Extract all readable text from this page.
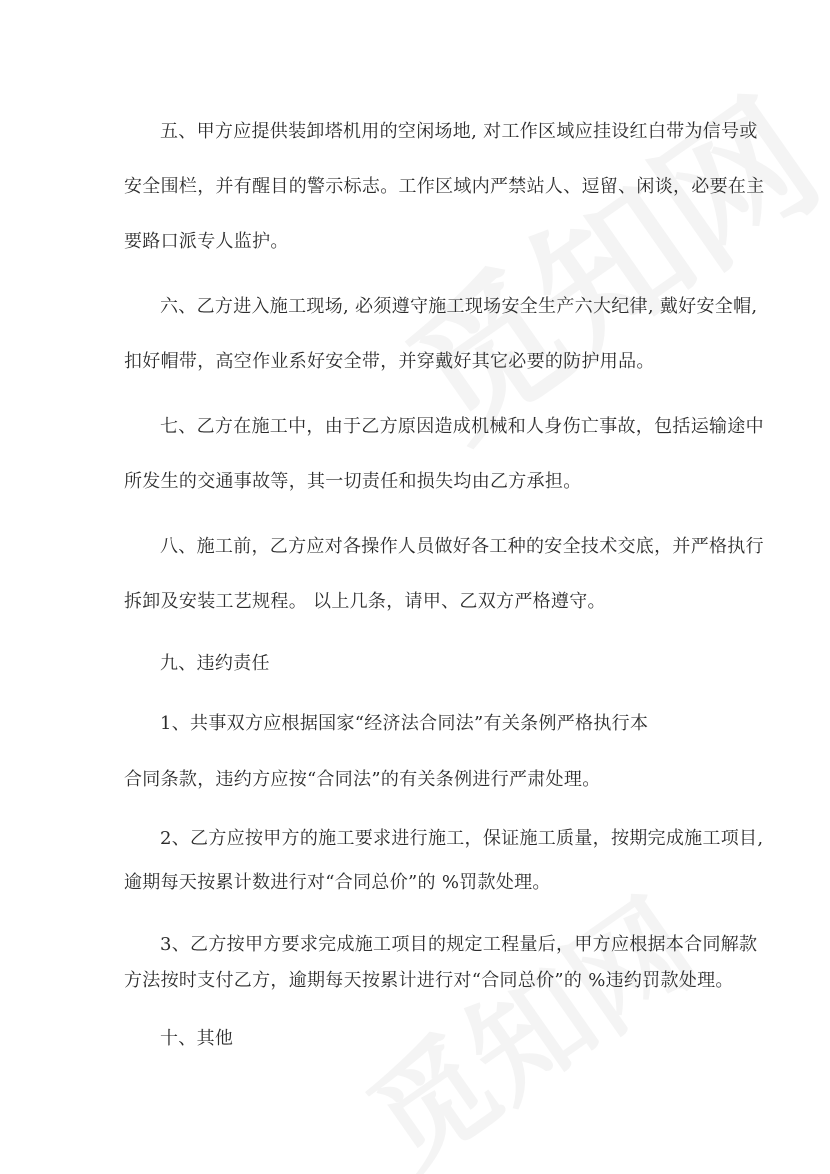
五、甲方应提供装卸塔机用的空闲场地, 对工作区域应挂设红白带为信号或
安全围栏，并有醒目的警示标志。工作区域内严禁站人、逗留、闲谈，必要在主
要路口派专人监护。
六、乙方进入施工现场, 必须遵守施工现场安全生产六大纪律, 戴好安全帽,
扣好帽带，高空作业系好安全带，并穿戴好其它必要的防护用品。
七、乙方在施工中，由于乙方原因造成机械和人身伤亡事故，包括运输途中
所发生的交通事故等，其一切责任和损失均由乙方承担。
八、施工前，乙方应对各操作人员做好各工种的安全技术交底，并严格执行
拆卸及安装工艺规程。 以上几条，请甲、乙双方严格遵守。
九、违约责任
1、共事双方应根据国家“经济法合同法”有关条例严格执行本
合同条款，违约方应按“合同法”的有关条例进行严肃处理。
2、乙方应按甲方的施工要求进行施工，保证施工质量，按期完成施工项目,
逾期每天按累计数进行对“合同总价”的 %罚款处理。
3、乙方按甲方要求完成施工项目的规定工程量后，甲方应根据本合同解款
方法按时支付乙方，逾期每天按累计进行对“合同总价”的 %违约罚款处理。
十、其他
